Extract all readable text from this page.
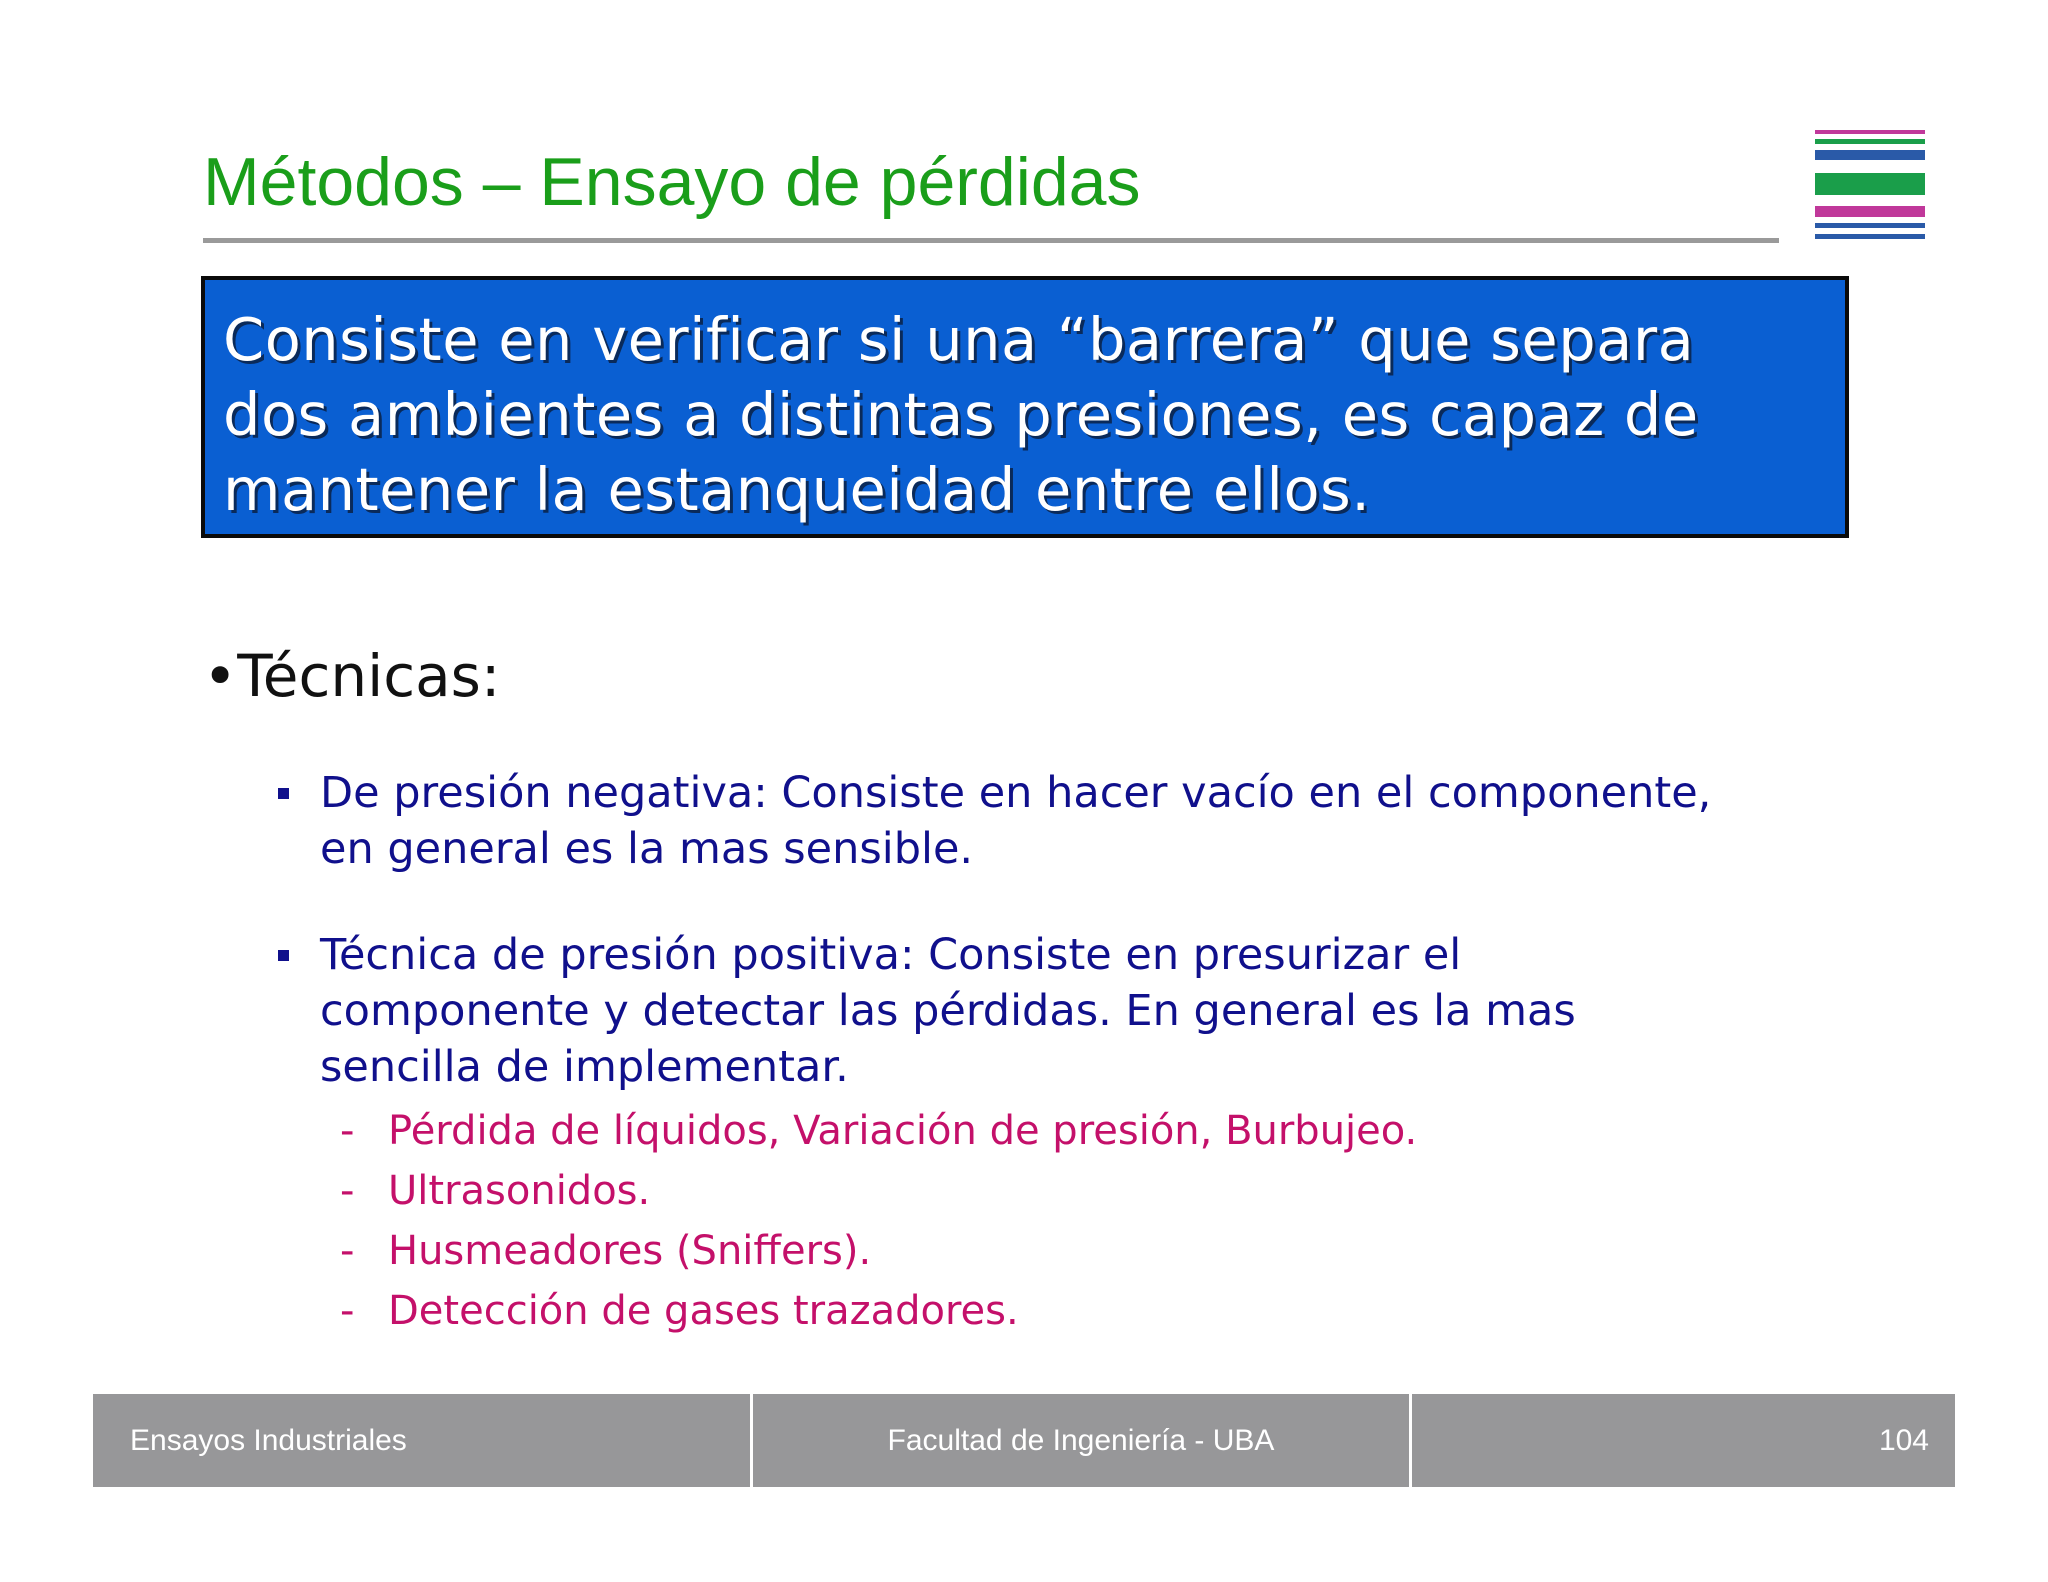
Métodos – Ensayo de pérdidas
Consiste en verificar si una “barrera” que separa
dos ambientes a distintas presiones, es capaz de
mantener la estanqueidad entre ellos.
•Técnicas:
De presión negativa: Consiste en hacer vacío en el componente,
en general es la mas sensible.
Técnica de presión positiva: Consiste en presurizar el
componente y detectar las pérdidas. En general es la mas
sencilla de implementar.
- Pérdida de líquidos, Variación de presión, Burbujeo.
- Ultrasonidos.
- Husmeadores (Sniffers).
- Detección de gases trazadores.
Ensayos Industriales	Facultad de Ingeniería - UBA	104
